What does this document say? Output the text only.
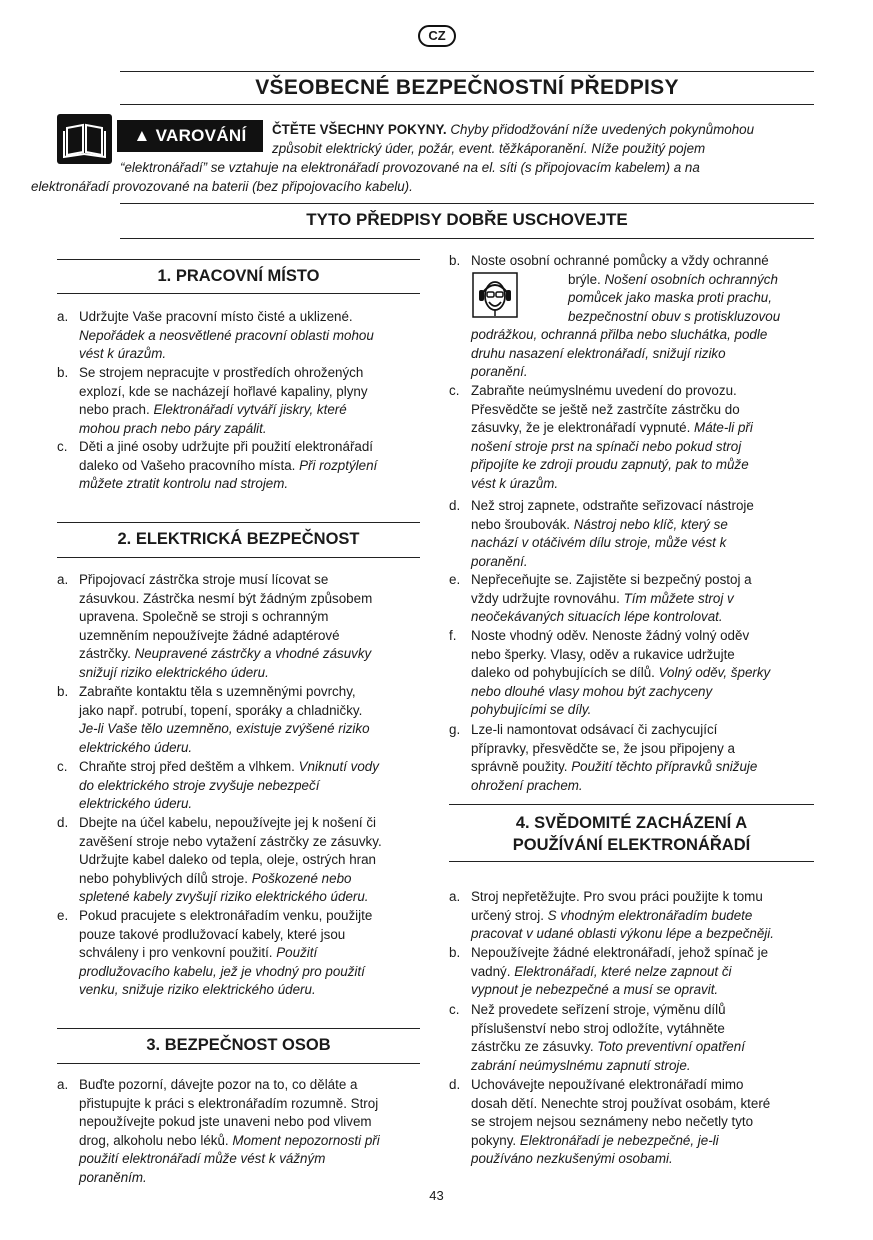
CZ
VŠEOBECNÉ BEZPEČNOSTNÍ PŘEDPISY
▲ VAROVÁNÍ	ČTĚTE VŠECHNY POKYNY. Chyby přidodžování níže uvedených pokynůmohou
způsobit elektrický úder, požár, event. těžkáporanění. Níže použitý pojem
“elektronářadí” se vztahuje na elektronářadí provozované na el. síti (s připojovacím kabelem) a na
elektronářadí provozované na baterii (bez připojovacího kabelu).
TYTO PŘEDPISY DOBŘE USCHOVEJTE
1. PRACOVNÍ MÍSTO
a. Udržujte Vaše pracovní místo čisté a uklizené.
Nepořádek a neosvětlené pracovní oblasti mohou
vést k úrazům.
b. Se strojem nepracujte v prostředích ohrožených
explozí, kde se nacházejí hořlavé kapaliny, plyny
nebo prach. Elektronářadí vytváří jiskry, které
mohou prach nebo páry zapálit.
c. Děti a jiné osoby udržujte při použití elektronářadí
daleko od Vašeho pracovního místa. Při rozptýlení
můžete ztratit kontrolu nad strojem.
2. ELEKTRICKÁ BEZPEČNOST
a. Připojovací zástrčka stroje musí lícovat se
zásuvkou. Zástrčka nesmí být žádným způsobem
upravena. Společně se stroji s ochranným
uzemněním nepoužívejte žádné adaptérové
zástrčky. Neupravené zástrčky a vhodné zásuvky
snižují riziko elektrického úderu.
b. Zabraňte kontaktu těla s uzemněnými povrchy,
jako např. potrubí, topení, sporáky a chladničky.
Je-li Vaše tělo uzemněno, existuje zvýšené riziko
elektrického úderu.
c. Chraňte stroj před deštěm a vlhkem. Vniknutí vody
do elektrického stroje zvyšuje nebezpečí
elektrického úderu.
d. Dbejte na účel kabelu, nepoužívejte jej k nošení či
zavěšení stroje nebo vytažení zástrčky ze zásuvky.
Udržujte kabel daleko od tepla, oleje, ostrých hran
nebo pohyblivých dílů stroje. Poškozené nebo
spletené kabely zvyšují riziko elektrického úderu.
e. Pokud pracujete s elektronářadím venku, použijte
pouze takové prodlužovací kabely, které jsou
schváleny i pro venkovní použití. Použití
prodlužovacího kabelu, jež je vhodný pro použití
venku, snižuje riziko elektrického úderu.
3. BEZPEČNOST OSOB
a. Buďte pozorní, dávejte pozor na to, co děláte a
přistupujte k práci s elektronářadím rozumně. Stroj
nepoužívejte pokud jste unaveni nebo pod vlivem
drog, alkoholu nebo léků. Moment nepozornosti při
použití elektronářadí může vést k vážným
poraněním.
b. Noste osobní ochranné pomůcky a vždy ochranné
brýle. Nošení osobních ochranných
pomůcek jako maska proti prachu,
bezpečnostní obuv s protiskluzovou
podrážkou, ochranná přilba nebo sluchátka, podle
druhu nasazení elektronářadí, snižují riziko
poranění.
c. Zabraňte neúmyslnému uvedení do provozu.
Přesvědčte se ještě než zastrčíte zástrčku do
zásuvky, že je elektronářadí vypnuté. Máte-li při
nošení stroje prst na spínači nebo pokud stroj
připojíte ke zdroji proudu zapnutý, pak to může
vést k úrazům.
d. Než stroj zapnete, odstraňte seřizovací nástroje
nebo šroubovák. Nástroj nebo klíč, který se
nachází v otáčivém dílu stroje, může vést k
poranění.
e. Nepřeceňujte se. Zajistěte si bezpečný postoj a
vždy udržujte rovnováhu. Tím můžete stroj v
neočekávaných situacích lépe kontrolovat.
f. Noste vhodný oděv. Nenoste žádný volný oděv
nebo šperky. Vlasy, oděv a rukavice udržujte
daleko od pohybujících se dílů. Volný oděv, šperky
nebo dlouhé vlasy mohou být zachyceny
pohybujícími se díly.
g. Lze-li namontovat odsávací či zachycující
přípravky, přesvědčte se, že jsou připojeny a
správně použity. Použití těchto přípravků snižuje
ohrožení prachem.
4. SVĚDOMITÉ ZACHÁZENÍ A
POUŽÍVÁNÍ ELEKTRONÁŘADÍ
a. Stroj nepřetěžujte. Pro svou práci použijte k tomu
určený stroj. S vhodným elektronářadím budete
pracovat v udané oblasti výkonu lépe a bezpečněji.
b. Nepoužívejte žádné elektronářadí, jehož spínač je
vadný. Elektronářadí, které nelze zapnout či
vypnout je nebezpečné a musí se opravit.
c. Než provedete seřízení stroje, výměnu dílů
příslušenství nebo stroj odložíte, vytáhněte
zástrčku ze zásuvky. Toto preventivní opatření
zabrání neúmyslnému zapnutí stroje.
d. Uchovávejte nepoužívané elektronářadí mimo
dosah dětí. Nenechte stroj používat osobám, které
se strojem nejsou seznámeny nebo nečetly tyto
pokyny. Elektronářadí je nebezpečné, je-li
používáno nezkušenými osobami.
43
